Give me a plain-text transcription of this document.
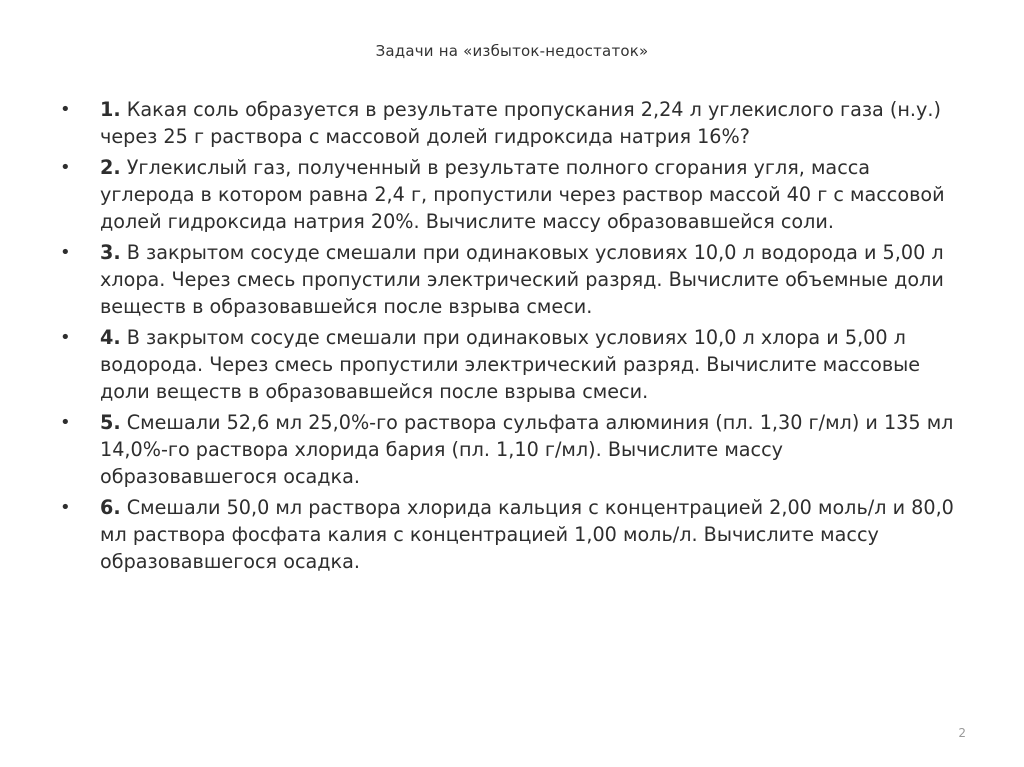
Задачи на «избыток-недостаток»
• 1. Какая соль образуется в результате пропускания 2,24 л углекислого газа (н.у.) через 25 г раствора с массовой долей гидроксида натрия 16%?
• 2. Углекислый газ, полученный в результате полного сгорания угля, масса углерода в котором равна 2,4 г, пропустили через раствор массой 40 г с массовой долей гидроксида натрия 20%. Вычислите массу образовавшейся соли.
• 3. В закрытом сосуде смешали при одинаковых условиях 10,0 л водорода и 5,00 л хлора. Через смесь пропустили электрический разряд. Вычислите объемные доли веществ в образовавшейся после взрыва смеси.
• 4. В закрытом сосуде смешали при одинаковых условиях 10,0 л хлора и 5,00 л водорода. Через смесь пропустили электрический разряд. Вычислите массовые доли веществ в образовавшейся после взрыва смеси.
• 5. Смешали 52,6 мл 25,0%-го раствора сульфата алюминия (пл. 1,30 г/мл) и 135 мл 14,0%-го раствора хлорида бария (пл. 1,10 г/мл). Вычислите массу образовавшегося осадка.
• 6. Смешали 50,0 мл раствора хлорида кальция с концентрацией 2,00 моль/л и 80,0 мл раствора фосфата калия с концентрацией 1,00 моль/л. Вычислите массу образовавшегося осадка.
2
